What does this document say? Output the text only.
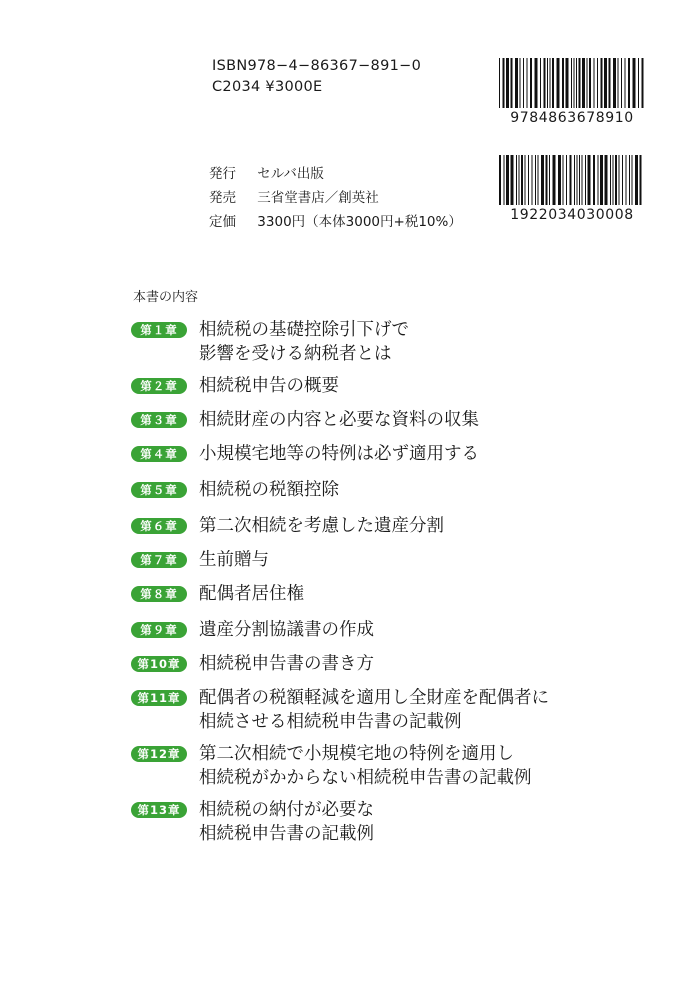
ISBN978−4−86367−891−0
C2034 ¥3000E
9784863678910
1922034030008
発行 セルバ出版
発売 三省堂書店／創英社
定価 3300円（本体3000円+税10%）
本書の内容
第１章	相続税の基礎控除引下げで
影響を受ける納税者とは
第２章	相続税申告の概要
第３章	相続財産の内容と必要な資料の収集
第４章	小規模宅地等の特例は必ず適用する
第５章	相続税の税額控除
第６章	第二次相続を考慮した遺産分割
第７章	生前贈与
第８章	配偶者居住権
第９章	遺産分割協議書の作成
第10章	相続税申告書の書き方
第11章	配偶者の税額軽減を適用し全財産を配偶者に
相続させる相続税申告書の記載例
第12章	第二次相続で小規模宅地の特例を適用し
相続税がかからない相続税申告書の記載例
第13章	相続税の納付が必要な
相続税申告書の記載例
